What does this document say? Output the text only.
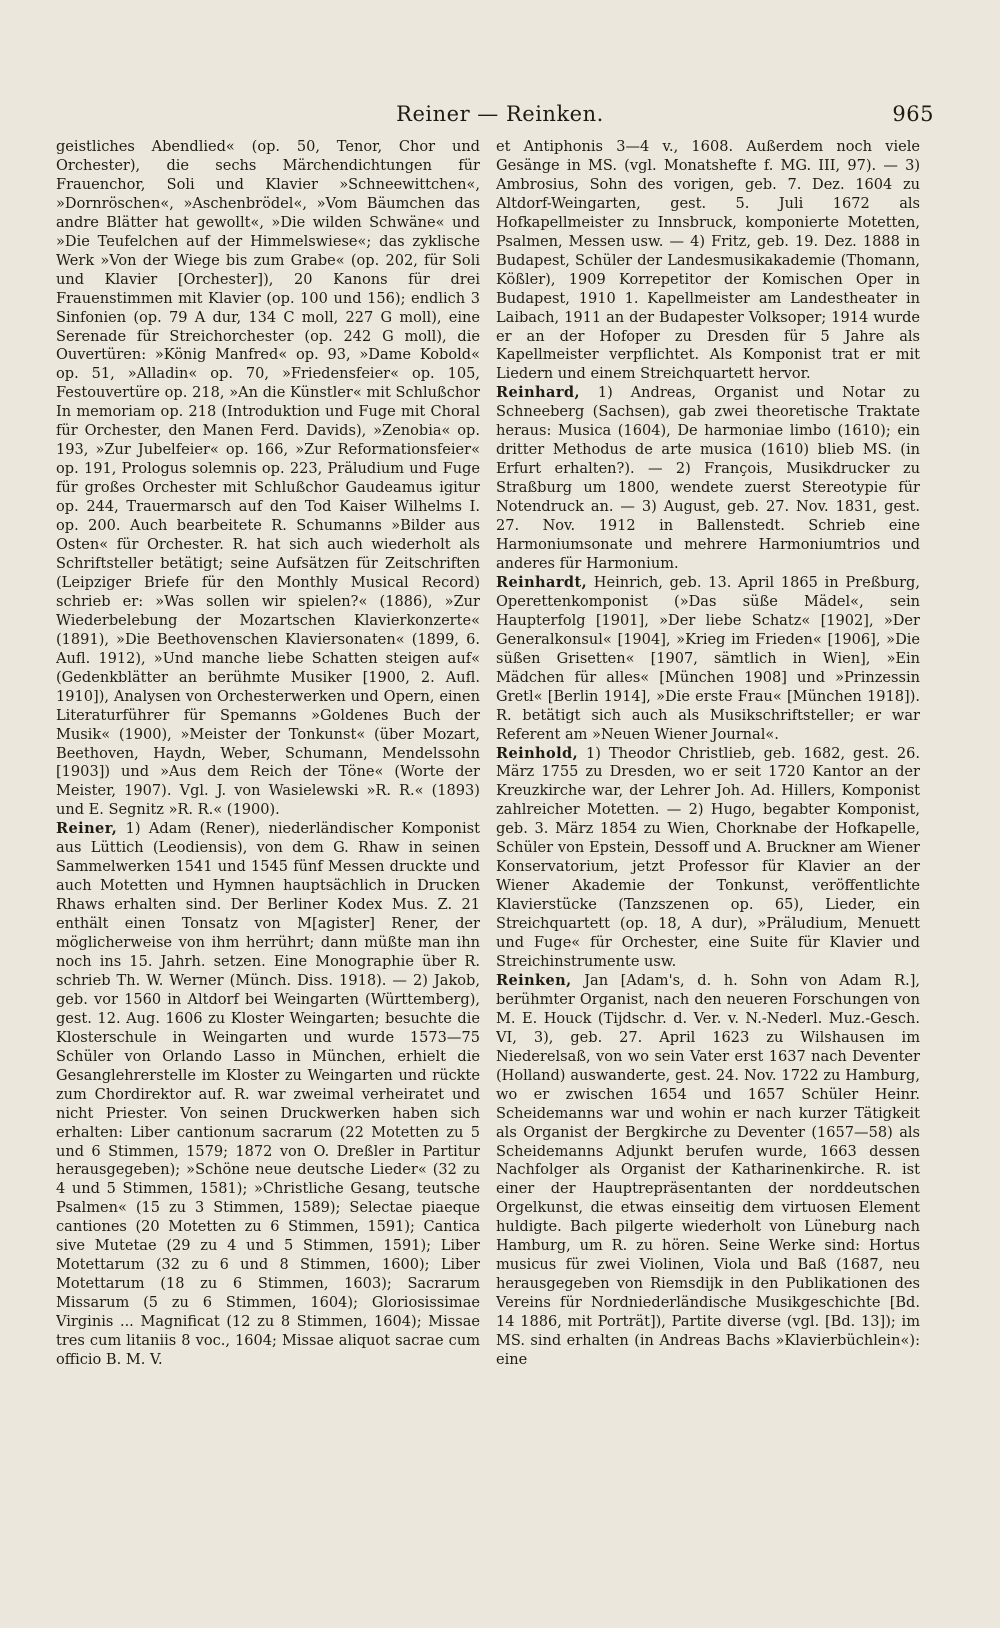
Reiner — Reinken.	965

geistliches Abendlied« (op. 50, Tenor, Chor und Orchester), die sechs Märchendichtungen für Frauenchor, Soli und Klavier »Schneewittchen«, »Dornröschen«, »Aschenbrödel«, »Vom Bäumchen das andre Blätter hat gewollt«, »Die wilden Schwäne« und »Die Teufelchen auf der Himmelswiese«; das zyklische Werk »Von der Wiege bis zum Grabe« (op. 202, für Soli und Klavier [Orchester]), 20 Kanons für drei Frauenstimmen mit Klavier (op. 100 und 156); endlich 3 Sinfonien (op. 79 A dur, 134 C moll, 227 G moll), eine Serenade für Streichorchester (op. 242 G moll), die Ouvertüren: »König Manfred« op. 93, »Dame Kobold« op. 51, »Alladin« op. 70, »Friedensfeier« op. 105, Festouvertüre op. 218, »An die Künstler« mit Schlußchor In memoriam op. 218 (Introduktion und Fuge mit Choral für Orchester, den Manen Ferd. Davids), »Zenobia« op. 193, »Zur Jubelfeier« op. 166, »Zur Reformationsfeier« op. 191, Prologus solemnis op. 223, Präludium und Fuge für großes Orchester mit Schlußchor Gaudeamus igitur op. 244, Trauermarsch auf den Tod Kaiser Wilhelms I. op. 200. Auch bearbeitete R. Schumanns »Bilder aus Osten« für Orchester. R. hat sich auch wiederholt als Schriftsteller betätigt; seine Aufsätzen für Zeitschriften (Leipziger Briefe für den Monthly Musical Record) schrieb er: »Was sollen wir spielen?« (1886), »Zur Wiederbelebung der Mozartschen Klavierkonzerte« (1891), »Die Beethovenschen Klaviersonaten« (1899, 6. Aufl. 1912), »Und manche liebe Schatten steigen auf« (Gedenkblätter an berühmte Musiker [1900, 2. Aufl. 1910]), Analysen von Orchesterwerken und Opern, einen Literaturführer für Spemanns »Goldenes Buch der Musik« (1900), »Meister der Tonkunst« (über Mozart, Beethoven, Haydn, Weber, Schumann, Mendelssohn [1903]) und »Aus dem Reich der Töne« (Worte der Meister, 1907). Vgl. J. von Wasielewski »R. R.« (1893) und E. Segnitz »R. R.« (1900).

Reiner, 1) Adam (Rener), niederländischer Komponist aus Lüttich (Leodiensis), von dem G. Rhaw in seinen Sammelwerken 1541 und 1545 fünf Messen druckte und auch Motetten und Hymnen hauptsächlich in Drucken Rhaws erhalten sind. Der Berliner Kodex Mus. Z. 21 enthält einen Tonsatz von M[agister] Rener, der möglicherweise von ihm herrührt; dann müßte man ihn noch ins 15. Jahrh. setzen. Eine Monographie über R. schrieb Th. W. Werner (Münch. Diss. 1918). — 2) Jakob, geb. vor 1560 in Altdorf bei Weingarten (Württemberg), gest. 12. Aug. 1606 zu Kloster Weingarten; besuchte die Klosterschule in Weingarten und wurde 1573—75 Schüler von Orlando Lasso in München, erhielt die Gesanglehrerstelle im Kloster zu Weingarten und rückte zum Chordirektor auf. R. war zweimal verheiratet und nicht Priester. Von seinen Druckwerken haben sich erhalten: Liber cantionum sacrarum (22 Motetten zu 5 und 6 Stimmen, 1579; 1872 von O. Dreßler in Partitur herausgegeben); »Schöne neue deutsche Lieder« (32 zu 4 und 5 Stimmen, 1581); »Christliche Gesang, teutsche Psalmen« (15 zu 3 Stimmen, 1589); Selectae piaeque cantiones (20 Motetten zu 6 Stimmen, 1591); Cantica sive Mutetae (29 zu 4 und 5 Stimmen, 1591); Liber Motettarum (32 zu 6 und 8 Stimmen, 1600); Liber Motettarum (18 zu 6 Stimmen, 1603); Sacrarum Missarum (5 zu 6 Stimmen, 1604); Gloriosissimae Virginis ... Magnificat (12 zu 8 Stimmen, 1604); Missae tres cum litaniis 8 voc., 1604; Missae aliquot sacrae cum officio B. M. V.

et Antiphonis 3—4 v., 1608. Außerdem noch viele Gesänge in MS. (vgl. Monatshefte f. MG. III, 97). — 3) Ambrosius, Sohn des vorigen, geb. 7. Dez. 1604 zu Altdorf-Weingarten, gest. 5. Juli 1672 als Hofkapellmeister zu Innsbruck, komponierte Motetten, Psalmen, Messen usw. — 4) Fritz, geb. 19. Dez. 1888 in Budapest, Schüler der Landesmusikakademie (Thomann, Kößler), 1909 Korrepetitor der Komischen Oper in Budapest, 1910 1. Kapellmeister am Landestheater in Laibach, 1911 an der Budapester Volksoper; 1914 wurde er an der Hofoper zu Dresden für 5 Jahre als Kapellmeister verpflichtet. Als Komponist trat er mit Liedern und einem Streichquartett hervor.

Reinhard, 1) Andreas, Organist und Notar zu Schneeberg (Sachsen), gab zwei theoretische Traktate heraus: Musica (1604), De harmoniae limbo (1610); ein dritter Methodus de arte musica (1610) blieb MS. (in Erfurt erhalten?). — 2) François, Musikdrucker zu Straßburg um 1800, wendete zuerst Stereotypie für Notendruck an. — 3) August, geb. 27. Nov. 1831, gest. 27. Nov. 1912 in Ballenstedt. Schrieb eine Harmoniumsonate und mehrere Harmoniumtrios und anderes für Harmonium.

Reinhardt, Heinrich, geb. 13. April 1865 in Preßburg, Operettenkomponist (»Das süße Mädel«, sein Haupterfolg [1901], »Der liebe Schatz« [1902], »Der Generalkonsul« [1904], »Krieg im Frieden« [1906], »Die süßen Grisetten« [1907, sämtlich in Wien], »Ein Mädchen für alles« [München 1908] und »Prinzessin Gretl« [Berlin 1914], »Die erste Frau« [München 1918]). R. betätigt sich auch als Musikschriftsteller; er war Referent am »Neuen Wiener Journal«.

Reinhold, 1) Theodor Christlieb, geb. 1682, gest. 26. März 1755 zu Dresden, wo er seit 1720 Kantor an der Kreuzkirche war, der Lehrer Joh. Ad. Hillers, Komponist zahlreicher Motetten. — 2) Hugo, begabter Komponist, geb. 3. März 1854 zu Wien, Chorknabe der Hofkapelle, Schüler von Epstein, Dessoff und A. Bruckner am Wiener Konservatorium, jetzt Professor für Klavier an der Wiener Akademie der Tonkunst, veröffentlichte Klavierstücke (Tanzszenen op. 65), Lieder, ein Streichquartett (op. 18, A dur), »Präludium, Menuett und Fuge« für Orchester, eine Suite für Klavier und Streichinstrumente usw.

Reinken, Jan [Adam's, d. h. Sohn von Adam R.], berühmter Organist, nach den neueren Forschungen von M. E. Houck (Tijdschr. d. Ver. v. N.-Nederl. Muz.-Gesch. VI, 3), geb. 27. April 1623 zu Wilshausen im Niederelsaß, von wo sein Vater erst 1637 nach Deventer (Holland) auswanderte, gest. 24. Nov. 1722 zu Hamburg, wo er zwischen 1654 und 1657 Schüler Heinr. Scheidemanns war und wohin er nach kurzer Tätigkeit als Organist der Bergkirche zu Deventer (1657—58) als Scheidemanns Adjunkt berufen wurde, 1663 dessen Nachfolger als Organist der Katharinenkirche. R. ist einer der Hauptrepräsentanten der norddeutschen Orgelkunst, die etwas einseitig dem virtuosen Element huldigte. Bach pilgerte wiederholt von Lüneburg nach Hamburg, um R. zu hören. Seine Werke sind: Hortus musicus für zwei Violinen, Viola und Baß (1687, neu herausgegeben von Riemsdijk in den Publikationen des Vereins für Nordniederländische Musikgeschichte [Bd. 14 1886, mit Porträt]), Partite diverse (vgl. [Bd. 13]); im MS. sind erhalten (in Andreas Bachs »Klavierbüchlein«): eine
